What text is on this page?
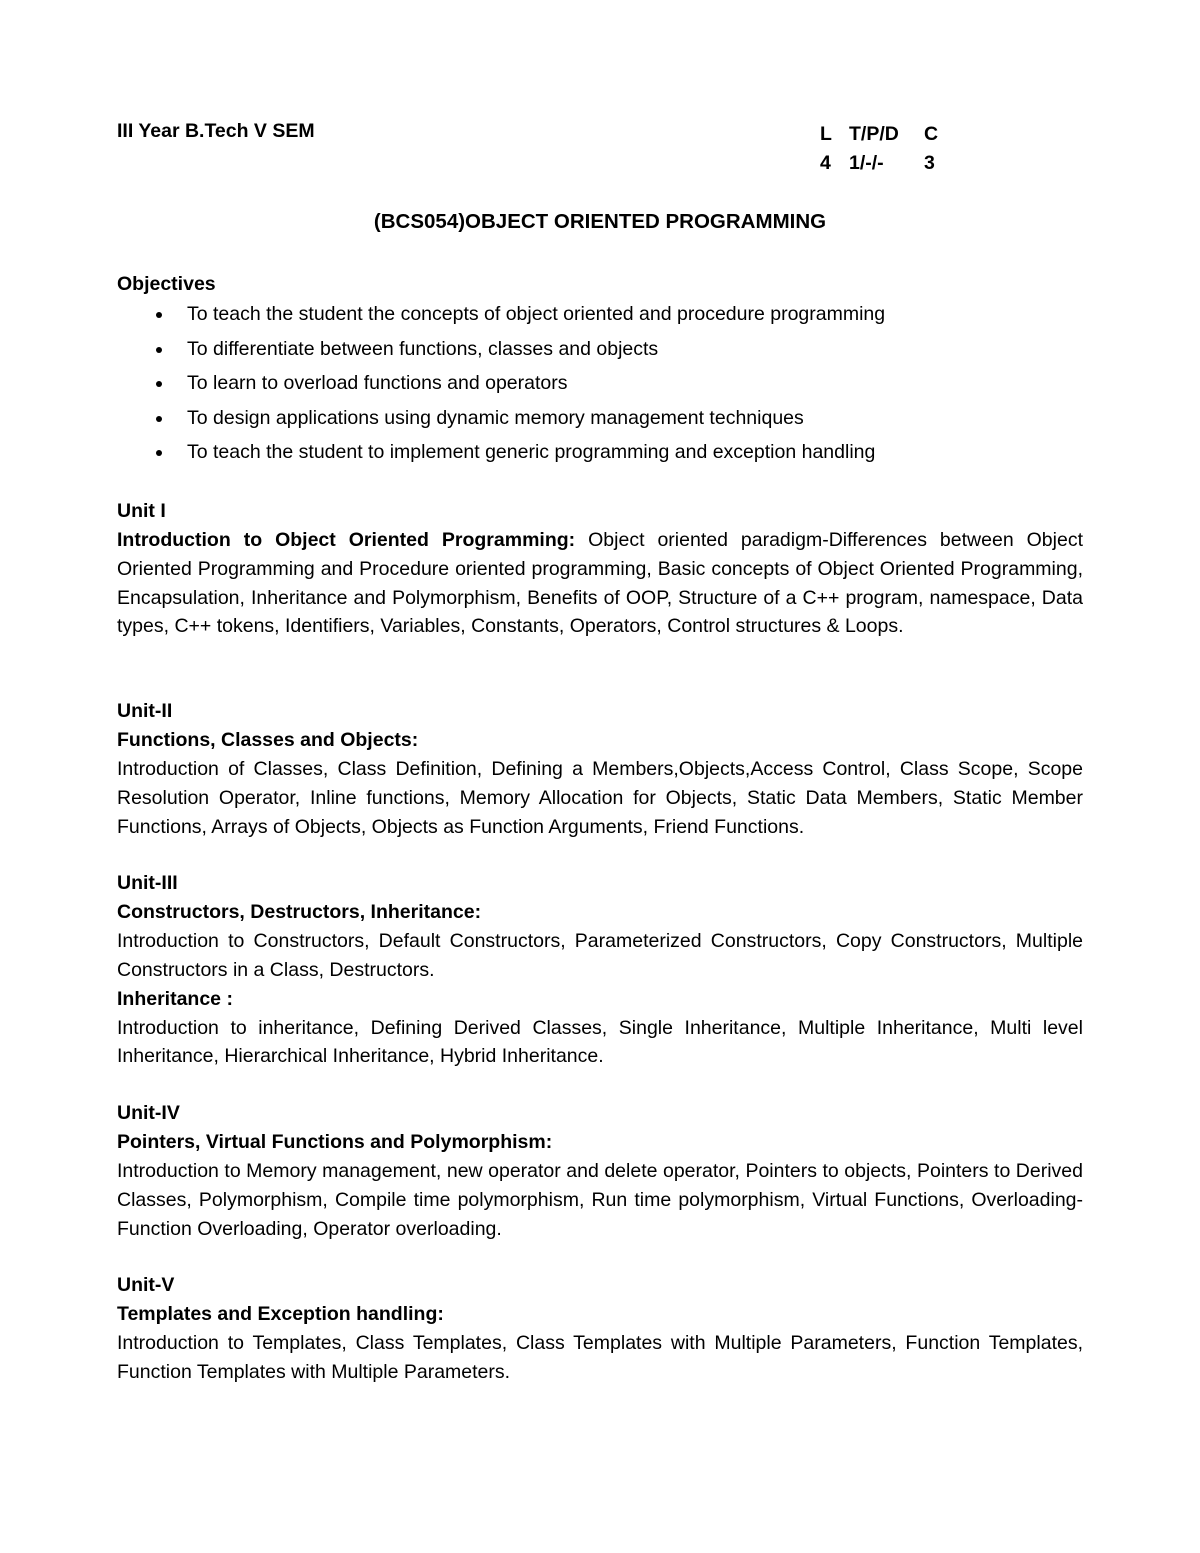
III Year B.Tech V SEM	L T/P/D	C
4 1/-/-	3
(BCS054)OBJECT ORIENTED PROGRAMMING
Objectives
To teach the student the concepts of object oriented and procedure programming
To differentiate between functions, classes and objects
To learn to overload functions and operators
To design applications using dynamic memory management techniques
To teach the student to implement generic programming and exception handling
Unit I
Introduction to Object Oriented Programming: Object oriented paradigm-Differences between Object Oriented Programming and Procedure oriented programming, Basic concepts of Object Oriented Programming, Encapsulation, Inheritance and Polymorphism, Benefits of OOP, Structure of a C++ program, namespace, Data types, C++ tokens, Identifiers, Variables, Constants, Operators, Control structures & Loops.
Unit-II
Functions, Classes and Objects:
Introduction of Classes, Class Definition, Defining a Members,Objects,Access Control, Class Scope, Scope Resolution Operator, Inline functions, Memory Allocation for Objects, Static Data Members, Static Member Functions, Arrays of Objects, Objects as Function Arguments, Friend Functions.
Unit-III
Constructors, Destructors, Inheritance:
Introduction to Constructors, Default Constructors, Parameterized Constructors, Copy Constructors, Multiple Constructors in a Class, Destructors.
Inheritance :
Introduction to inheritance, Defining Derived Classes, Single Inheritance, Multiple Inheritance, Multi level Inheritance, Hierarchical Inheritance, Hybrid Inheritance.
Unit-IV
Pointers, Virtual Functions and Polymorphism:
Introduction to Memory management, new operator and delete operator, Pointers to objects, Pointers to Derived Classes, Polymorphism, Compile time polymorphism, Run time polymorphism, Virtual Functions, Overloading- Function Overloading, Operator overloading.
Unit-V
Templates and Exception handling:
Introduction to Templates, Class Templates, Class Templates with Multiple Parameters, Function Templates, Function Templates with Multiple Parameters.
